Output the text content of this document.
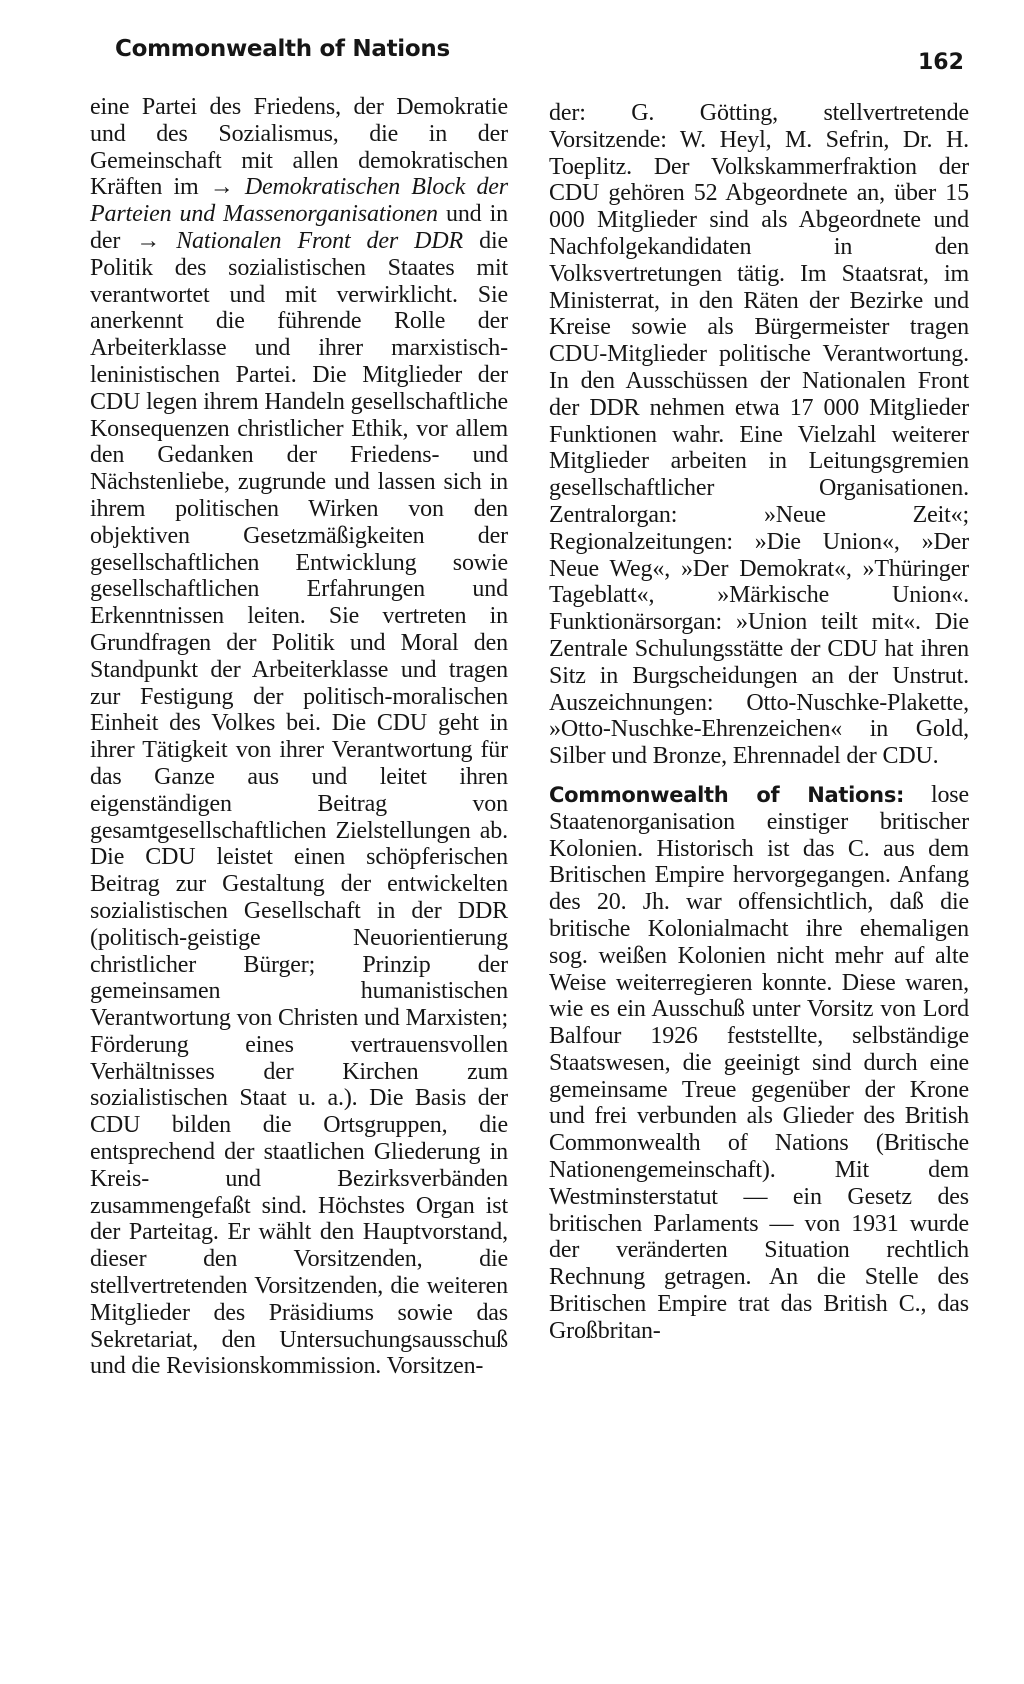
Commonwealth of Nations
162

eine Partei des Friedens, der Demokratie und des Sozialismus, die in der Gemeinschaft mit allen demokratischen Kräften im → Demokratischen Block der Parteien und Massenorganisationen und in der → Nationalen Front der DDR die Politik des sozialistischen Staates mit verantwortet und mit verwirklicht. Sie anerkennt die führende Rolle der Arbeiterklasse und ihrer marxistisch-leninistischen Partei. Die Mitglieder der CDU legen ihrem Handeln gesellschaftliche Konsequenzen christlicher Ethik, vor allem den Gedanken der Friedens- und Nächstenliebe, zugrunde und lassen sich in ihrem politischen Wirken von den objektiven Gesetzmäßigkeiten der gesellschaftlichen Entwicklung sowie gesellschaftlichen Erfahrungen und Erkenntnissen leiten. Sie vertreten in Grundfragen der Politik und Moral den Standpunkt der Arbeiterklasse und tragen zur Festigung der politisch-moralischen Einheit des Volkes bei. Die CDU geht in ihrer Tätigkeit von ihrer Verantwortung für das Ganze aus und leitet ihren eigenständigen Beitrag von gesamtgesellschaftlichen Zielstellungen ab. Die CDU leistet einen schöpferischen Beitrag zur Gestaltung der entwickelten sozialistischen Gesellschaft in der DDR (politisch-geistige Neuorientierung christlicher Bürger; Prinzip der gemeinsamen humanistischen Verantwortung von Christen und Marxisten; Förderung eines vertrauensvollen Verhältnisses der Kirchen zum sozialistischen Staat u. a.). Die Basis der CDU bilden die Ortsgruppen, die entsprechend der staatlichen Gliederung in Kreis- und Bezirksverbänden zusammengefaßt sind. Höchstes Organ ist der Parteitag. Er wählt den Hauptvorstand, dieser den Vorsitzenden, die stellvertretenden Vorsitzenden, die weiteren Mitglieder des Präsidiums sowie das Sekretariat, den Untersuchungsausschuß und die Revisionskommission. Vorsitzen-

der: G. Götting, stellvertretende Vorsitzende: W. Heyl, M. Sefrin, Dr. H. Toeplitz. Der Volkskammerfraktion der CDU gehören 52 Abgeordnete an, über 15 000 Mitglieder sind als Abgeordnete und Nachfolgekandidaten in den Volksvertretungen tätig. Im Staatsrat, im Ministerrat, in den Räten der Bezirke und Kreise sowie als Bürgermeister tragen CDU-Mitglieder politische Verantwortung. In den Ausschüssen der Nationalen Front der DDR nehmen etwa 17 000 Mitglieder Funktionen wahr. Eine Vielzahl weiterer Mitglieder arbeiten in Leitungsgremien gesellschaftlicher Organisationen. Zentralorgan: »Neue Zeit«; Regionalzeitungen: »Die Union«, »Der Neue Weg«, »Der Demokrat«, »Thüringer Tageblatt«, »Märkische Union«. Funktionärsorgan: »Union teilt mit«. Die Zentrale Schulungsstätte der CDU hat ihren Sitz in Burgscheidungen an der Unstrut. Auszeichnungen: Otto-Nuschke-Plakette, »Otto-Nuschke-Ehrenzeichen« in Gold, Silber und Bronze, Ehrennadel der CDU.

Commonwealth of Nations: lose Staatenorganisation einstiger britischer Kolonien. Historisch ist das C. aus dem Britischen Empire hervorgegangen. Anfang des 20. Jh. war offensichtlich, daß die britische Kolonialmacht ihre ehemaligen sog. weißen Kolonien nicht mehr auf alte Weise weiterregieren konnte. Diese waren, wie es ein Ausschuß unter Vorsitz von Lord Balfour 1926 feststellte, selbständige Staatswesen, die geeinigt sind durch eine gemeinsame Treue gegenüber der Krone und frei verbunden als Glieder des British Commonwealth of Nations (Britische Nationengemeinschaft). Mit dem Westminsterstatut — ein Gesetz des britischen Parlaments — von 1931 wurde der veränderten Situation rechtlich Rechnung getragen. An die Stelle des Britischen Empire trat das British C., das Großbritan-
